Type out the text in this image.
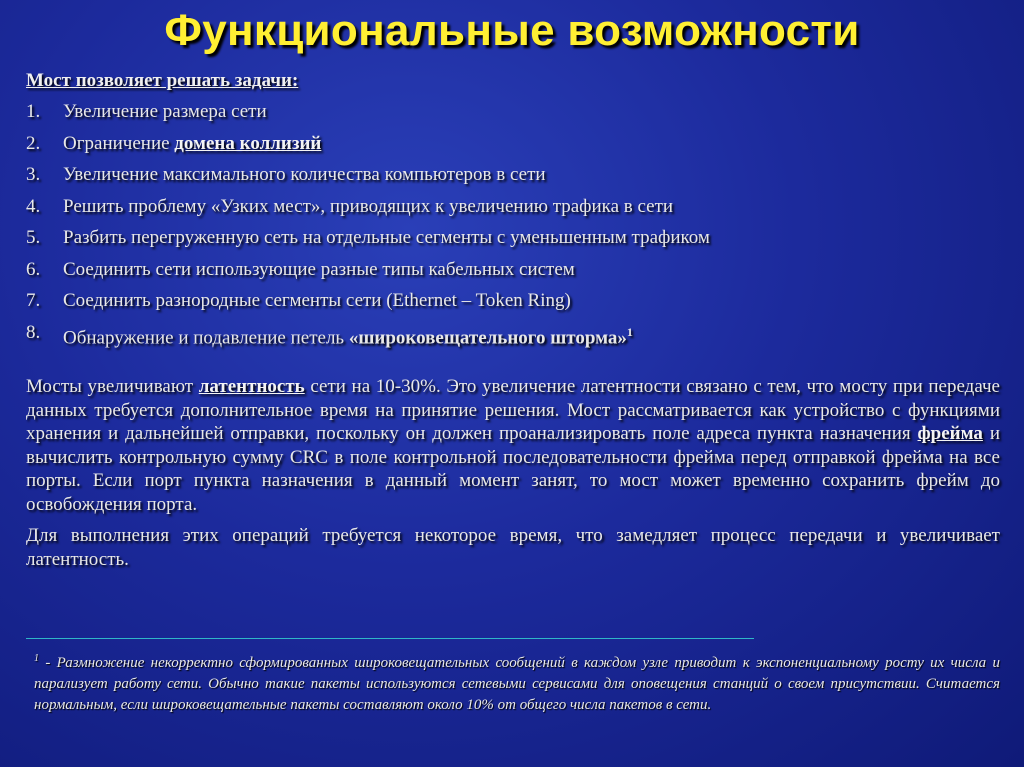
Функциональные возможности
Мост позволяет решать задачи:
1.	Увеличение размера сети
2.	Ограничение домена коллизий
3.	Увеличение максимального количества компьютеров в сети
4.	Решить проблему «Узких мест», приводящих к увеличению трафика в сети
5.	Разбить перегруженную сеть на отдельные сегменты с уменьшенным трафиком
6.	Соединить сети использующие разные типы кабельных систем
7.	Соединить разнородные сегменты сети (Ethernet – Token Ring)
8.	Обнаружение и подавление петель «широковещательного шторма»$^1$

Мосты увеличивают латентность сети на 10-30%. Это увеличение латентности связано с тем, что мосту при передаче данных требуется дополнительное время на принятие решения. Мост рассматривается как устройство с функциями хранения и дальнейшей отправки, поскольку он должен проанализировать поле адреса пункта назначения фрейма и вычислить контрольную сумму CRC в поле контрольной последовательности фрейма перед отправкой фрейма на все порты. Если порт пункта назначения в данный момент занят, то мост может временно сохранить фрейм до освобождения порта.

Для выполнения этих операций требуется некоторое время, что замедляет процесс передачи и увеличивает латентность.

$^1$ - Размножение некорректно сформированных широковещательных сообщений в каждом узле приводит к экспоненциальному росту их числа и парализует работу сети. Обычно такие пакеты используются сетевыми сервисами для оповещения станций о своем присутствии. Считается нормальным, если широковещательные пакеты составляют около 10% от общего числа пакетов в сети.
